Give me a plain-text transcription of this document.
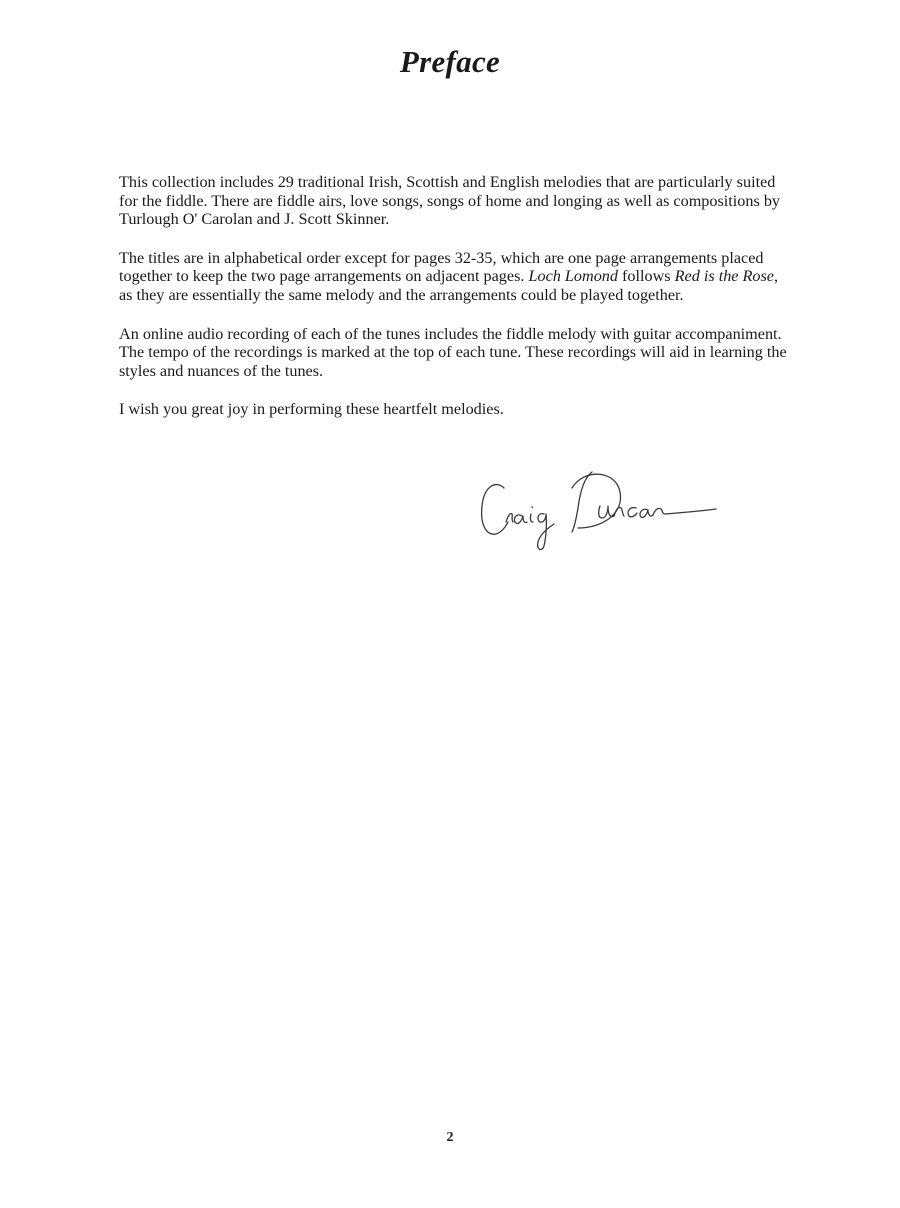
Preface

This collection includes 29 traditional Irish, Scottish and English melodies that are particularly suited for the fiddle. There are fiddle airs, love songs, songs of home and longing as well as compositions by Turlough O' Carolan and J. Scott Skinner.

The titles are in alphabetical order except for pages 32-35, which are one page arrangements placed together to keep the two page arrangements on adjacent pages. Loch Lomond follows Red is the Rose, as they are essentially the same melody and the arrangements could be played together.

An online audio recording of each of the tunes includes the fiddle melody with guitar accompaniment. The tempo of the recordings is marked at the top of each tune. These recordings will aid in learning the styles and nuances of the tunes.

I wish you great joy in performing these heartfelt melodies.

2
